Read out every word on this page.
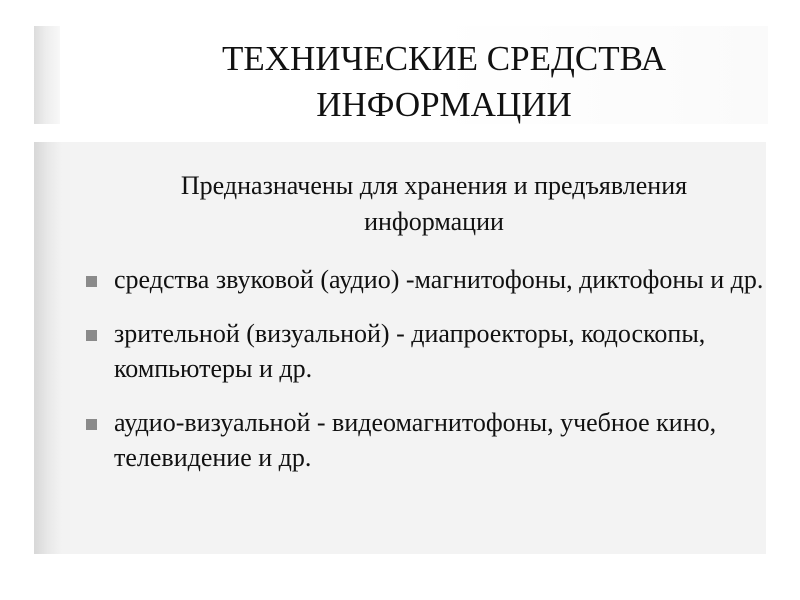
ТЕХНИЧЕСКИЕ СРЕДСТВА ИНФОРМАЦИИ
Предназначены для хранения и предъявления информации
средства звуковой (аудио) -магнитофоны, диктофоны и др.
зрительной (визуальной) - диапроекторы, кодоскопы, компьютеры и др.
аудио-визуальной - видеомагнитофоны, учебное кино, телевидение и др.
